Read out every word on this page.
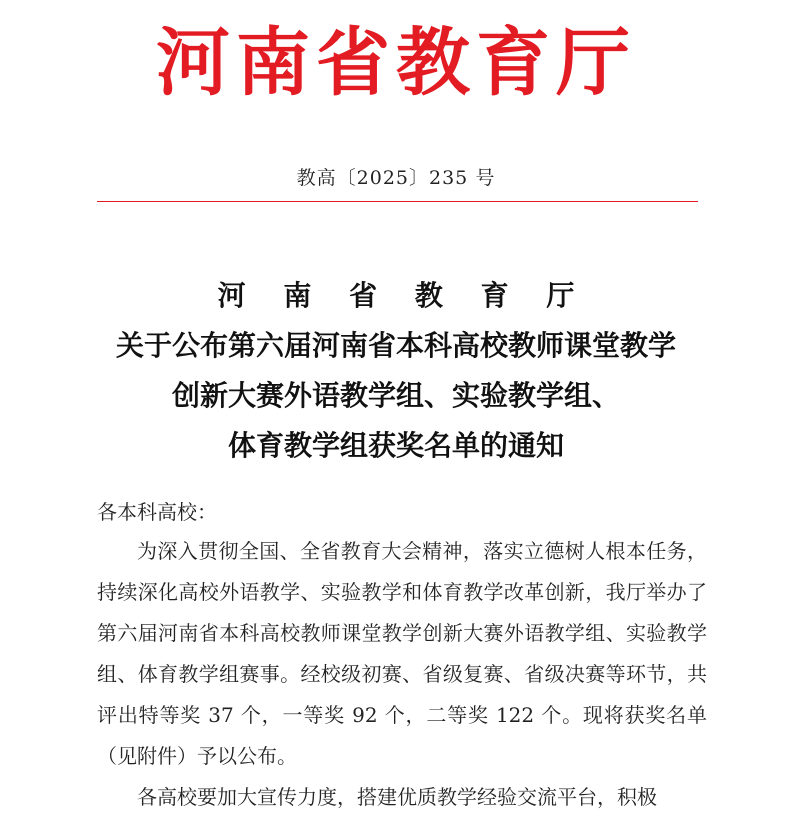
河南省教育厅
教高〔2025〕235 号
河 南 省 教 育 厅
关于公布第六届河南省本科高校教师课堂教学
创新大赛外语教学组、实验教学组、
体育教学组获奖名单的通知
各本科高校：

为深入贯彻全国、全省教育大会精神，落实立德树人根本任务，持续深化高校外语教学、实验教学和体育教学改革创新，我厅举办了第六届河南省本科高校教师课堂教学创新大赛外语教学组、实验教学组、体育教学组赛事。经校级初赛、省级复赛、省级决赛等环节，共评出特等奖 37 个，一等奖 92 个，二等奖 122 个。现将获奖名单（见附件）予以公布。

各高校要加大宣传力度，搭建优质教学经验交流平台，积极
